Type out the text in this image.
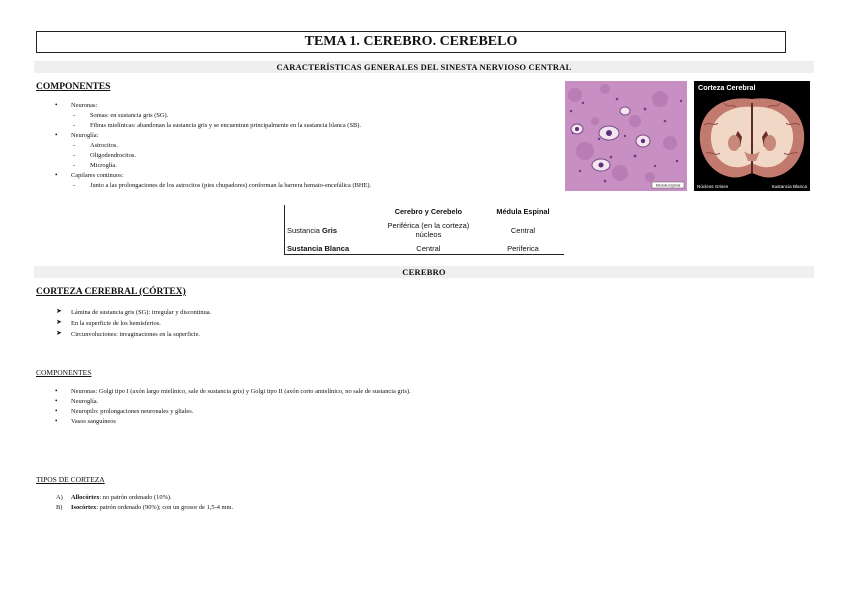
TEMA 1. CEREBRO. CEREBELO
CARACTERÍSTICAS GENERALES DEL SINESTA NERVIOSO CENTRAL
COMPONENTES
• Neuronas:
- Somas: en sustancia gris (SG).
- Fibras mielínicas: abandonan la sustancia gris y se encuentran principalmente en la sustancia blanca (SB).
• Neuroglía:
- Astrocitos.
- Oligodendrocitos.
- Microglía.
• Capilares continuos:
- Junto a las prolongaciones de los astrocitos (pies chupadores) conforman la barrera hemato-encefálica (BHE).	Médula Espinal
Corteza Cerebral
Núcleos Grises	Sustancia Blanca
	Cerebro y Cerebelo	Médula Espinal
Sustancia Gris	Periférica (en la corteza) núcleos	Central
Sustancia Blanca	Central	Periferica
CEREBRO
CORTEZA CEREBRAL (CÓRTEX)
➤ Lámina de sustancia gris (SG): irregular y discontinua.
➤ En la superficie de los hemisferios.
➤ Circunvoluciones: invaginaciones en la superficie.
COMPONENTES
• Neuronas: Golgi tipo I (axón largo mielínico, sale de sustancia gris) y Golgi tipo II (axón corto amielínico, no sale de sustancia gris).
• Neuroglía.
• Neuropilo: prolongaciones neuronales y gliales.
• Vasos sanguíneos
TIPOS DE CORTEZA
A) Allocórtex: no patrón ordenado (10%).
B) Isocórtex: patrón ordenado (90%); con un grosor de 1,5-4 mm.
